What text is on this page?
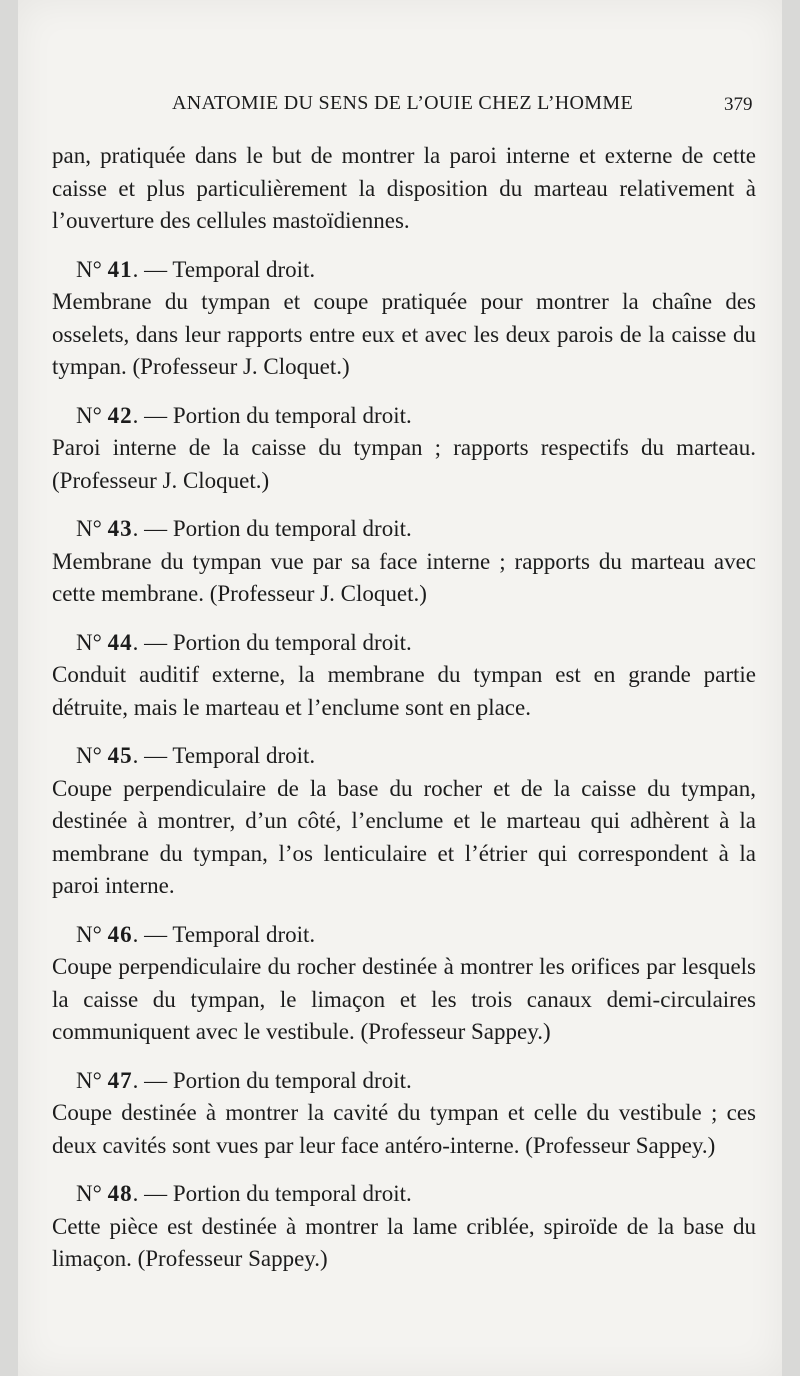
ANATOMIE DU SENS DE L’OUIE CHEZ L’HOMME	379

pan, pratiquée dans le but de montrer la paroi interne et externe de cette caisse et plus particulièrement la disposition du marteau relativement à l’ouverture des cellules mastoïdiennes.

N° 41. — Temporal droit.

Membrane du tympan et coupe pratiquée pour montrer la chaîne des osselets, dans leur rapports entre eux et avec les deux parois de la caisse du tympan. (Professeur J. Cloquet.)

N° 42. — Portion du temporal droit.

Paroi interne de la caisse du tympan ; rapports respectifs du marteau. (Professeur J. Cloquet.)

N° 43. — Portion du temporal droit.

Membrane du tympan vue par sa face interne ; rapports du marteau avec cette membrane. (Professeur J. Cloquet.)

N° 44. — Portion du temporal droit.

Conduit auditif externe, la membrane du tympan est en grande partie détruite, mais le marteau et l’enclume sont en place.

N° 45. — Temporal droit.

Coupe perpendiculaire de la base du rocher et de la caisse du tympan, destinée à montrer, d’un côté, l’enclume et le marteau qui adhèrent à la membrane du tympan, l’os lenticulaire et l’étrier qui correspondent à la paroi interne.

N° 46. — Temporal droit.

Coupe perpendiculaire du rocher destinée à montrer les orifices par lesquels la caisse du tympan, le limaçon et les trois canaux demi-circulaires communiquent avec le vestibule. (Professeur Sappey.)

N° 47. — Portion du temporal droit.

Coupe destinée à montrer la cavité du tympan et celle du vestibule ; ces deux cavités sont vues par leur face antéro-interne. (Professeur Sappey.)

N° 48. — Portion du temporal droit.

Cette pièce est destinée à montrer la lame criblée, spiroïde de la base du limaçon. (Professeur Sappey.)
